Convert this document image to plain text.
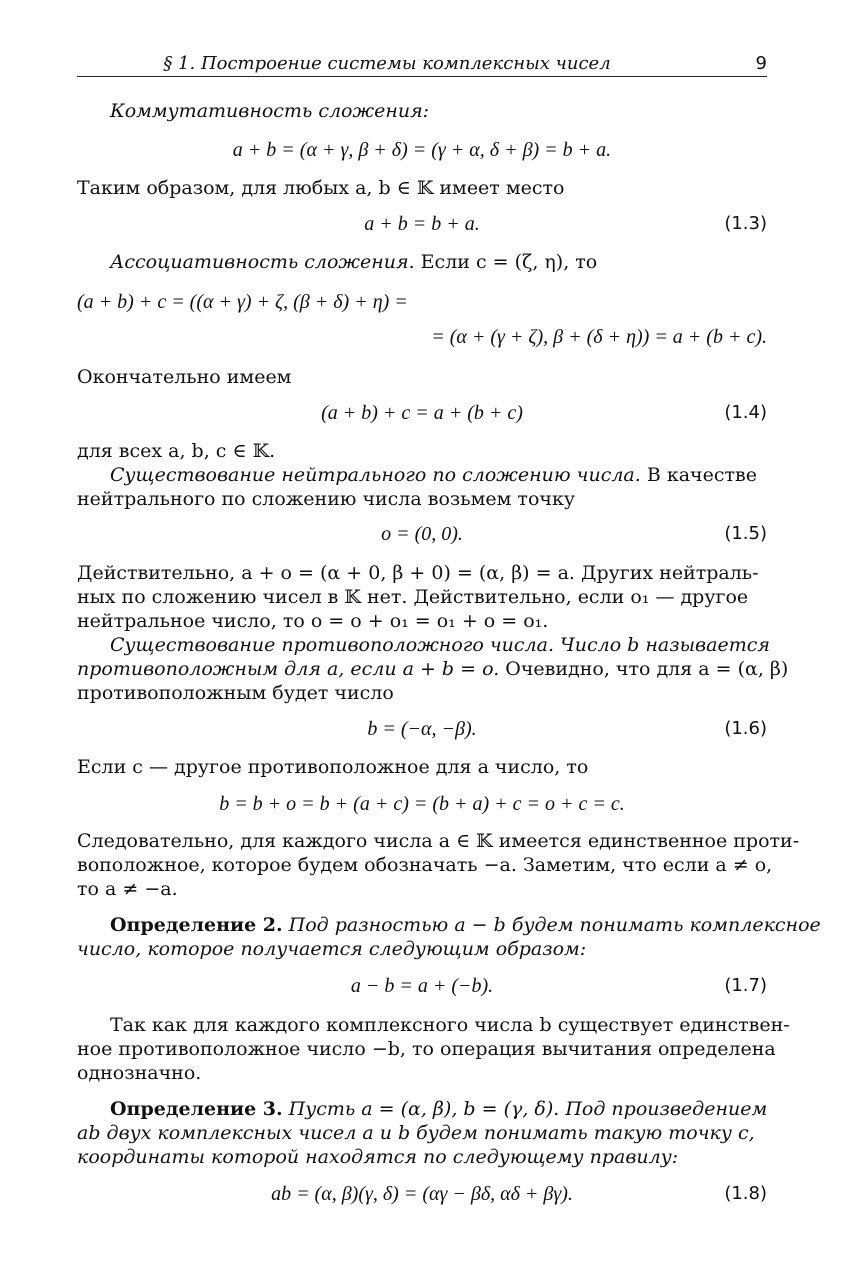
§ 1. Построение системы комплексных чисел	9
Коммутативность сложения:
a + b = (α + γ, β + δ) = (γ + α, δ + β) = b + a.
Таким образом, для любых a, b ∈ 𝕂 имеет место
a + b = b + a.	(1.3)
Ассоциативность сложения. Если c = (ζ, η), то
(a + b) + c = ((α + γ) + ζ, (β + δ) + η) =
= (α + (γ + ζ), β + (δ + η)) = a + (b + c).
Окончательно имеем
(a + b) + c = a + (b + c)	(1.4)
для всех a, b, c ∈ 𝕂.
Существование нейтрального по сложению числа. В качестве
нейтрального по сложению числа возьмем точку
o = (0, 0).	(1.5)
Действительно, a + o = (α + 0, β + 0) = (α, β) = a. Других нейтраль-
ных по сложению чисел в 𝕂 нет. Действительно, если o₁ — другое
нейтральное число, то o = o + o₁ = o₁ + o = o₁.
Существование противоположного числа. Число b называется
противоположным для a, если a + b = o. Очевидно, что для a = (α, β)
противоположным будет число
b = (−α, −β).	(1.6)
Если c — другое противоположное для a число, то
b = b + o = b + (a + c) = (b + a) + c = o + c = c.
Следовательно, для каждого числа a ∈ 𝕂 имеется единственное проти-
воположное, которое будем обозначать −a. Заметим, что если a ≠ o,
то a ≠ −a.
Определение 2. Под разностью a − b будем понимать комплексное
число, которое получается следующим образом:
a − b = a + (−b).	(1.7)
Так как для каждого комплексного числа b существует единствен-
ное противоположное число −b, то операция вычитания определена
однозначно.
Определение 3. Пусть a = (α, β), b = (γ, δ). Под произведением
ab двух комплексных чисел a и b будем понимать такую точку c,
координаты которой находятся по следующему правилу:
ab = (α, β)(γ, δ) = (αγ − βδ, αδ + βγ).	(1.8)
